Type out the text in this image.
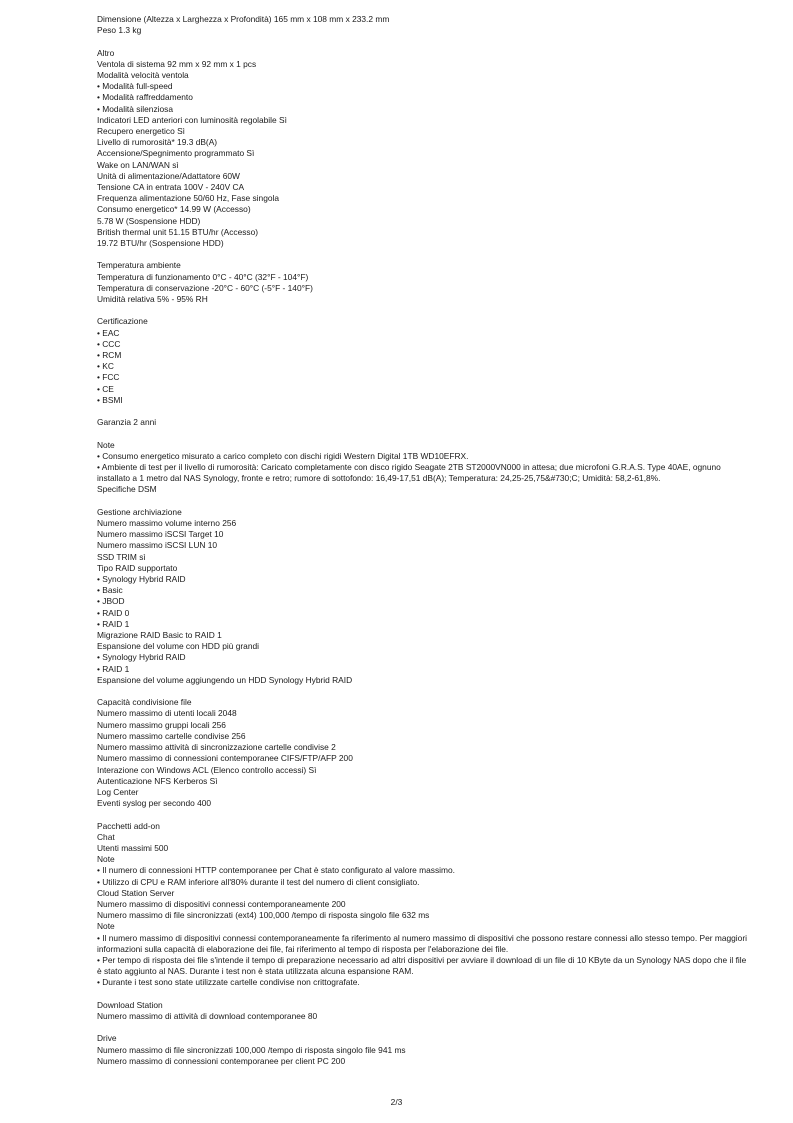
Dimensione (Altezza x Larghezza x Profondità) 165 mm x 108 mm x 233.2 mm
Peso 1.3 kg
Altro
Ventola di sistema 92 mm x 92 mm x 1 pcs
Modalità velocità ventola
• Modalità full-speed
• Modalità raffreddamento
• Modalità silenziosa
Indicatori LED anteriori con luminosità regolabile Sì
Recupero energetico Sì
Livello di rumorosità* 19.3 dB(A)
Accensione/Spegnimento programmato Sì
Wake on LAN/WAN sì
Unità di alimentazione/Adattatore 60W
Tensione CA in entrata 100V - 240V CA
Frequenza alimentazione 50/60 Hz, Fase singola
Consumo energetico* 14.99 W (Accesso)
5.78 W (Sospensione HDD)
British thermal unit 51.15 BTU/hr (Accesso)
19.72 BTU/hr (Sospensione HDD)
Temperatura ambiente
Temperatura di funzionamento 0°C - 40°C (32°F - 104°F)
Temperatura di conservazione -20°C - 60°C (-5°F - 140°F)
Umidità relativa 5% - 95% RH
Certificazione
• EAC
• CCC
• RCM
• KC
• FCC
• CE
• BSMI
Garanzia 2 anni
Note
• Consumo energetico misurato a carico completo con dischi rigidi Western Digital 1TB WD10EFRX.
• Ambiente di test per il livello di rumorosità: Caricato completamente con disco rigido Seagate 2TB ST2000VN000 in attesa; due microfoni G.R.A.S. Type 40AE, ognuno installato a 1 metro dal NAS Synology, fronte e retro; rumore di sottofondo: 16,49-17,51 dB(A); Temperatura: 24,25-25,75&#730;C; Umidità: 58,2-61,8%.
Specifiche DSM
Gestione archiviazione
Numero massimo volume interno 256
Numero massimo iSCSI Target 10
Numero massimo iSCSI LUN 10
SSD TRIM sì
Tipo RAID supportato
• Synology Hybrid RAID
• Basic
• JBOD
• RAID 0
• RAID 1
Migrazione RAID Basic to RAID 1
Espansione del volume con HDD più grandi
• Synology Hybrid RAID
• RAID 1
Espansione del volume aggiungendo un HDD Synology Hybrid RAID
Capacità condivisione file
Numero massimo di utenti locali 2048
Numero massimo gruppi locali 256
Numero massimo cartelle condivise 256
Numero massimo attività di sincronizzazione cartelle condivise 2
Numero massimo di connessioni contemporanee CIFS/FTP/AFP 200
Interazione con Windows ACL (Elenco controllo accessi) Sì
Autenticazione NFS Kerberos Sì
Log Center
Eventi syslog per secondo 400
Pacchetti add-on
Chat
Utenti massimi 500
Note
• Il numero di connessioni HTTP contemporanee per Chat è stato configurato al valore massimo.
• Utilizzo di CPU e RAM inferiore all'80% durante il test del numero di client consigliato.
Cloud Station Server
Numero massimo di dispositivi connessi contemporaneamente 200
Numero massimo di file sincronizzati (ext4) 100,000 /tempo di risposta singolo file 632 ms
Note
• Il numero massimo di dispositivi connessi contemporaneamente fa riferimento al numero massimo di dispositivi che possono restare connessi allo stesso tempo. Per maggiori informazioni sulla capacità di elaborazione dei file, fai riferimento al tempo di risposta per l'elaborazione dei file.
• Per tempo di risposta dei file s'intende il tempo di preparazione necessario ad altri dispositivi per avviare il download di un file di 10 KByte da un Synology NAS dopo che il file è stato aggiunto al NAS. Durante i test non è stata utilizzata alcuna espansione RAM.
• Durante i test sono state utilizzate cartelle condivise non crittografate.
Download Station
Numero massimo di attività di download contemporanee 80
Drive
Numero massimo di file sincronizzati 100,000 /tempo di risposta singolo file 941 ms
Numero massimo di connessioni contemporanee per client PC 200
2/3
